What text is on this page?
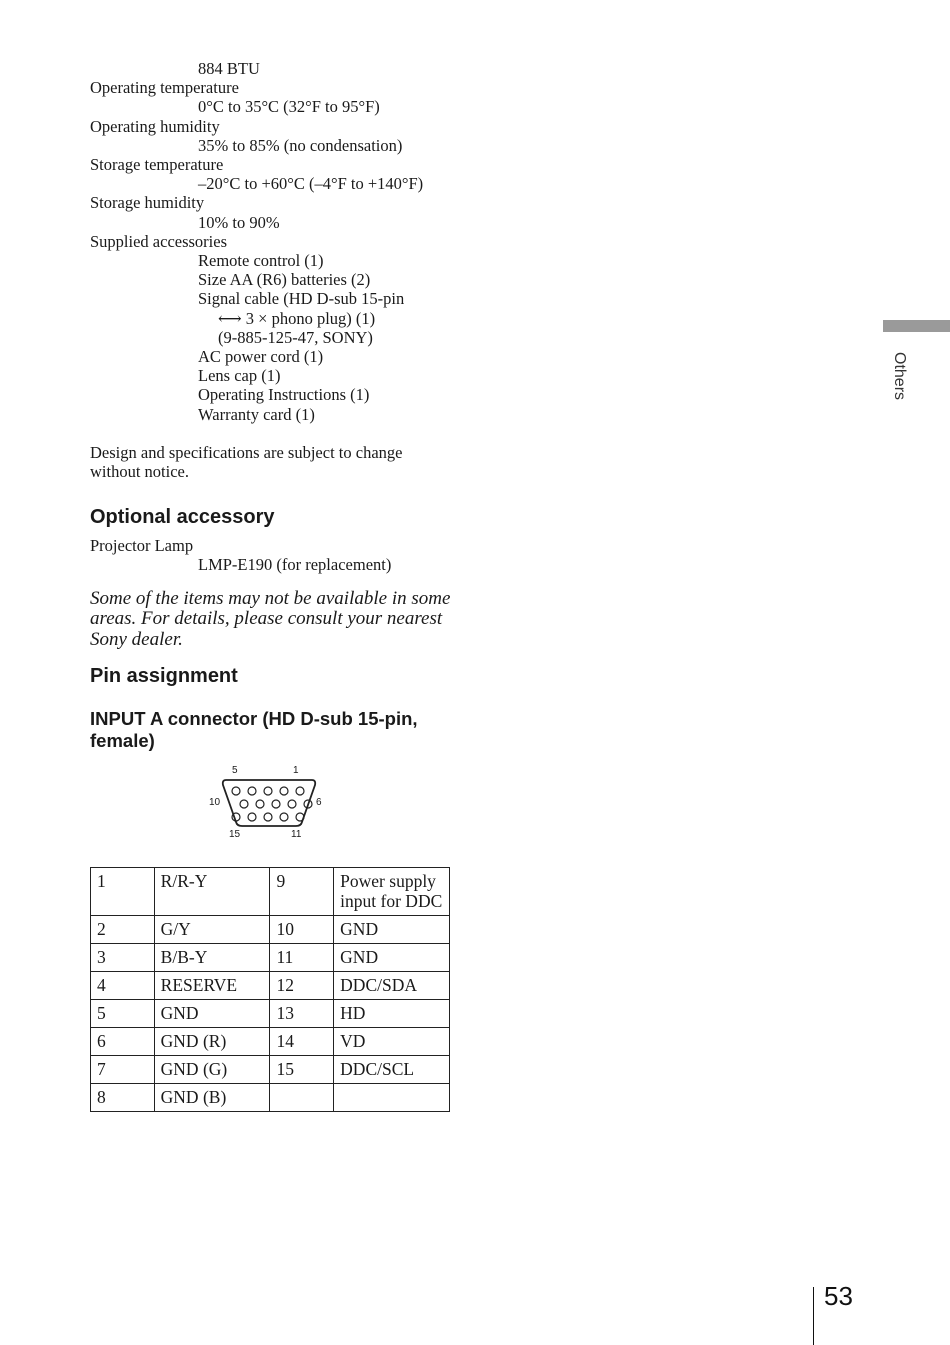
884 BTU
Operating temperature
0°C to 35°C (32°F to 95°F)
Operating humidity
35% to 85% (no condensation)
Storage temperature
–20°C to +60°C (–4°F to +140°F)
Storage humidity
10% to 90%
Supplied accessories
Remote control (1)
Size AA (R6) batteries (2)
Signal cable (HD D-sub 15-pin
⟷ 3 × phono plug) (1)
(9-885-125-47, SONY)
AC power cord (1)
Lens cap (1)
Operating Instructions (1)
Warranty card (1)

Design and specifications are subject to change without notice.

Optional accessory
Projector Lamp
LMP-E190 (for replacement)

Some of the items may not be available in some areas. For details, please consult your nearest Sony dealer.

Pin assignment
INPUT A connector (HD D-sub 15-pin, female)
5	1
10	6
15	11
1	R/R-Y	9	Power supply input for DDC
2	G/Y	10	GND
3	B/B-Y	11	GND
4	RESERVE	12	DDC/SDA
5	GND	13	HD
6	GND (R)	14	VD
7	GND (G)	15	DDC/SCL
8	GND (B)		
Others
53
